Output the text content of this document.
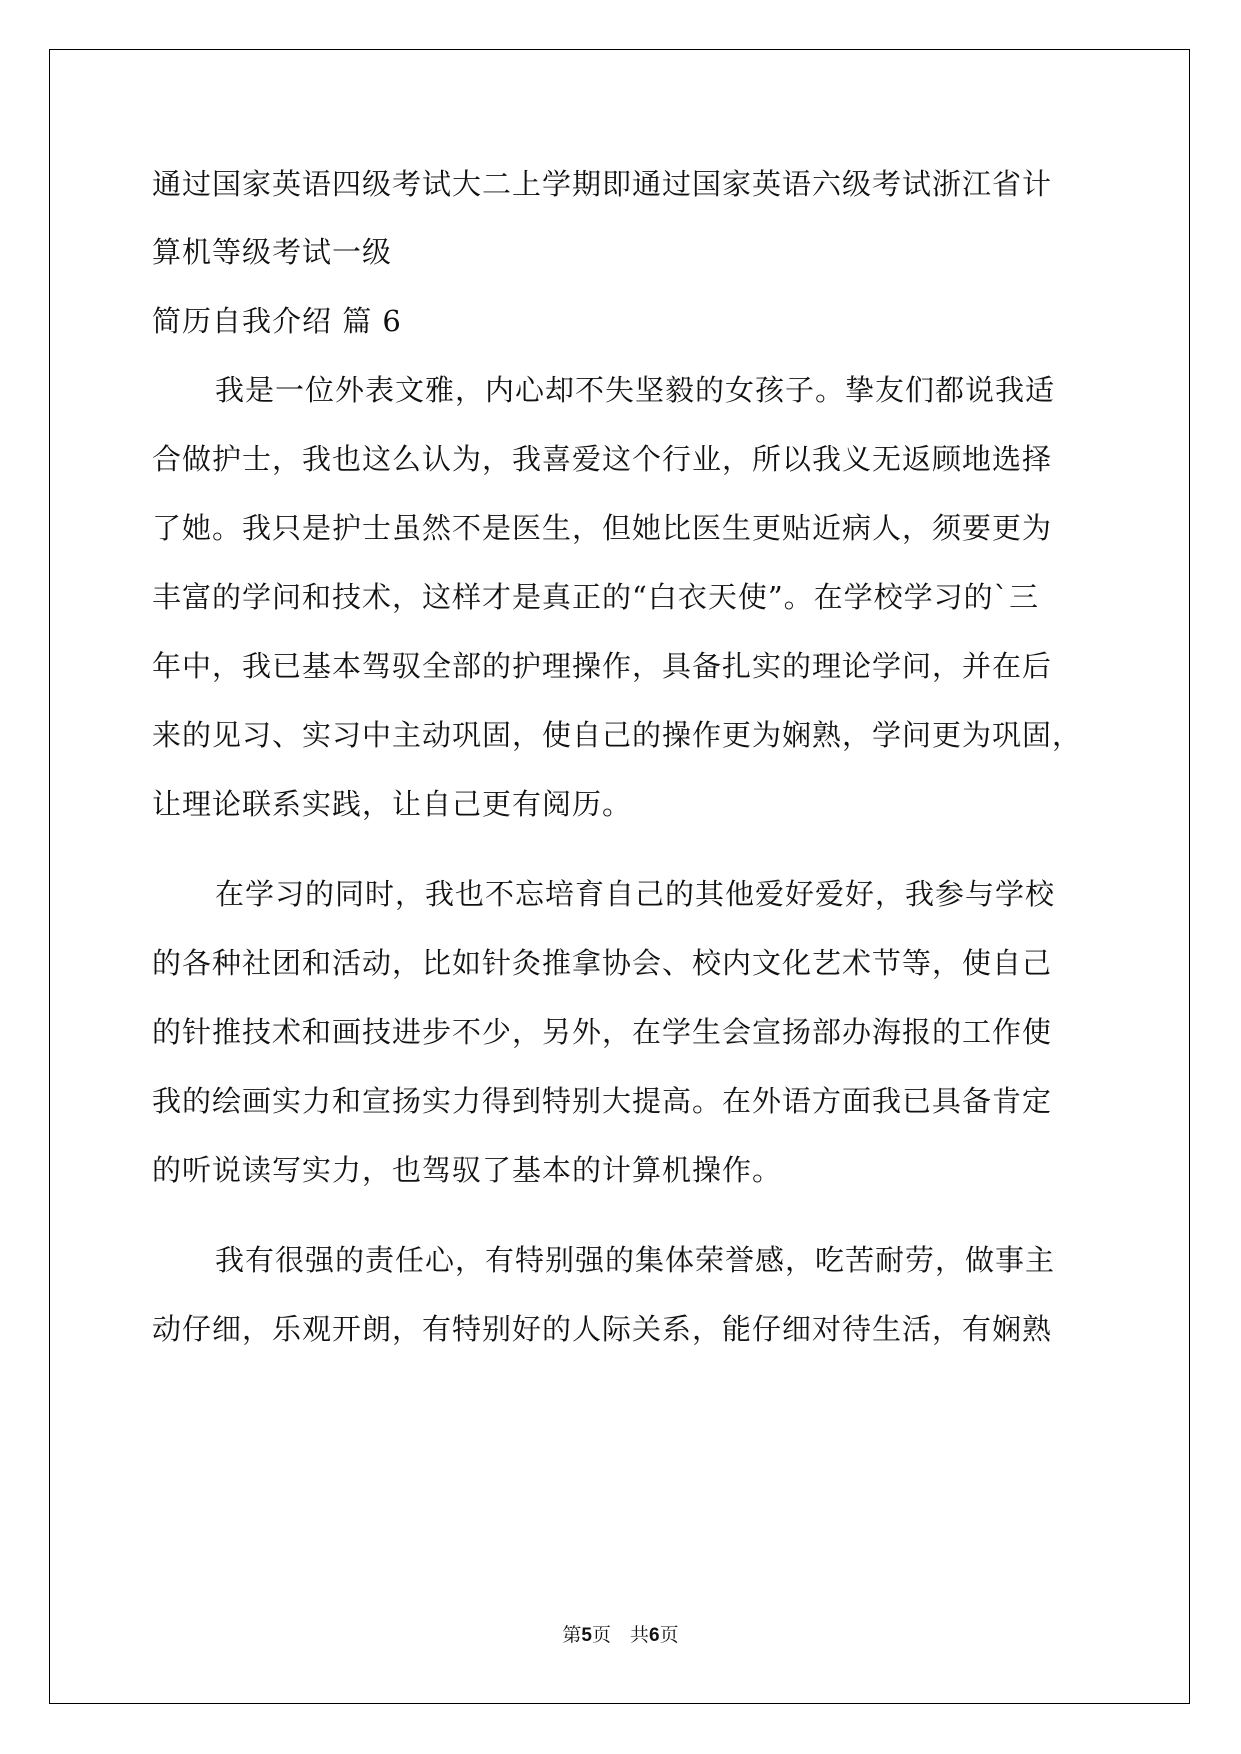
通过国家英语四级考试大二上学期即通过国家英语六级考试浙江省计
算机等级考试一级
简历自我介绍 篇 6
我是一位外表文雅，内心却不失坚毅的女孩子。挚友们都说我适
合做护士，我也这么认为，我喜爱这个行业，所以我义无返顾地选择
了她。我只是护士虽然不是医生，但她比医生更贴近病人，须要更为
丰富的学问和技术，这样才是真正的“白衣天使”。在学校学习的`三
年中，我已基本驾驭全部的护理操作，具备扎实的理论学问，并在后
来的见习、实习中主动巩固，使自己的操作更为娴熟，学问更为巩固，
让理论联系实践，让自己更有阅历。
在学习的同时，我也不忘培育自己的其他爱好爱好，我参与学校
的各种社团和活动，比如针灸推拿协会、校内文化艺术节等，使自己
的针推技术和画技进步不少，另外，在学生会宣扬部办海报的工作使
我的绘画实力和宣扬实力得到特别大提高。在外语方面我已具备肯定
的听说读写实力，也驾驭了基本的计算机操作。
我有很强的责任心，有特别强的集体荣誉感，吃苦耐劳，做事主
动仔细，乐观开朗，有特别好的人际关系，能仔细对待生活，有娴熟
第5页　共6页
